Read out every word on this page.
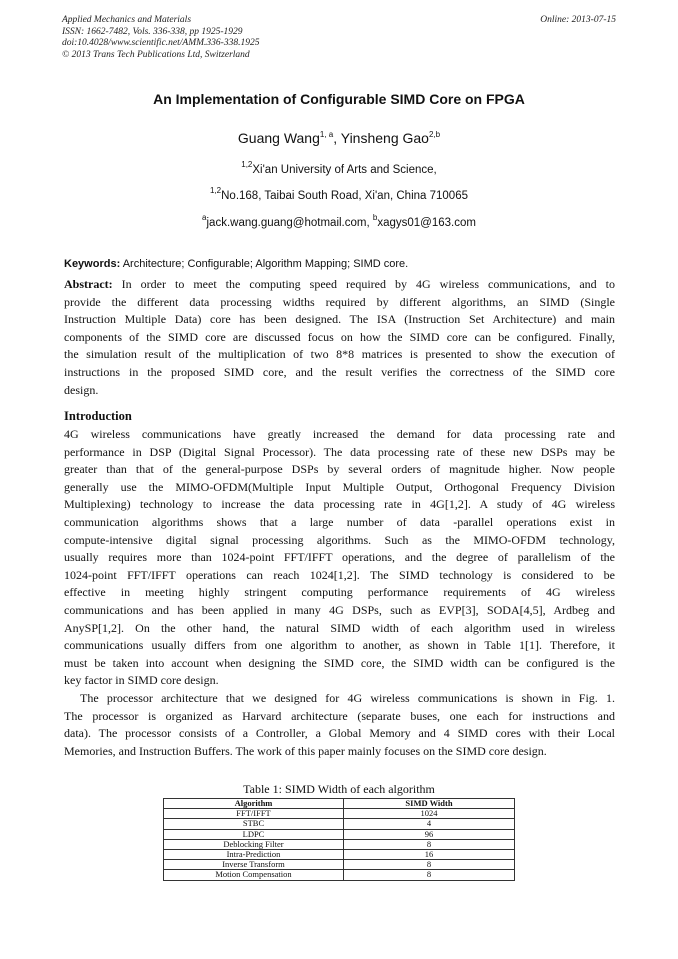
Applied Mechanics and Materials
ISSN: 1662-7482, Vols. 336-338, pp 1925-1929
doi:10.4028/www.scientific.net/AMM.336-338.1925
© 2013 Trans Tech Publications Ltd, Switzerland
Online: 2013-07-15
An Implementation of Configurable SIMD Core on FPGA
Guang Wang$^{1, a}$, Yinsheng Gao$^{2,b}$
$^{1,2}$Xi'an University of Arts and Science,
$^{1,2}$No.168, Taibai South Road, Xi'an, China 710065
$^a$jack.wang.guang@hotmail.com, $^b$xagys01@163.com
Keywords: Architecture; Configurable; Algorithm Mapping; SIMD core.
Abstract: In order to meet the computing speed required by 4G wireless communications, and to
provide the different data processing widths required by different algorithms, an SIMD (Single
Instruction Multiple Data) core has been designed. The ISA (Instruction Set Architecture) and main
components of the SIMD core are discussed focus on how the SIMD core can be configured. Finally,
the simulation result of the multiplication of two 8*8 matrices is presented to show the execution of
instructions in the proposed SIMD core, and the result verifies the correctness of the SIMD core
design.
Introduction
4G wireless communications have greatly increased the demand for data processing rate and
performance in DSP (Digital Signal Processor). The data processing rate of these new DSPs may be
greater than that of the general-purpose DSPs by several orders of magnitude higher. Now people
generally use the MIMO-OFDM(Multiple Input Multiple Output, Orthogonal Frequency Division
Multiplexing) technology to increase the data processing rate in 4G[1,2]. A study of 4G wireless
communication algorithms shows that a large number of data -parallel operations exist in
compute-intensive digital signal processing algorithms. Such as the MIMO-OFDM technology,
usually requires more than 1024-point FFT/IFFT operations, and the degree of parallelism of the
1024-point FFT/IFFT operations can reach 1024[1,2]. The SIMD technology is considered to be
effective in meeting highly stringent computing performance requirements of 4G wireless
communications and has been applied in many 4G DSPs, such as EVP[3], SODA[4,5], Ardbeg and
AnySP[1,2]. On the other hand, the natural SIMD width of each algorithm used in wireless
communications usually differs from one algorithm to another, as shown in Table 1[1]. Therefore, it
must be taken into account when designing the SIMD core, the SIMD width can be configured is the
key factor in SIMD core design.
The processor architecture that we designed for 4G wireless communications is shown in Fig. 1.
The processor is organized as Harvard architecture (separate buses, one each for instructions and
data). The processor consists of a Controller, a Global Memory and 4 SIMD cores with their Local
Memories, and Instruction Buffers. The work of this paper mainly focuses on the SIMD core design.
Table 1: SIMD Width of each algorithm
Algorithm	SIMD Width
FFT/IFFT	1024
STBC	4
LDPC	96
Deblocking Filter	8
Intra-Prediction	16
Inverse Transform	8
Motion Compensation	8
